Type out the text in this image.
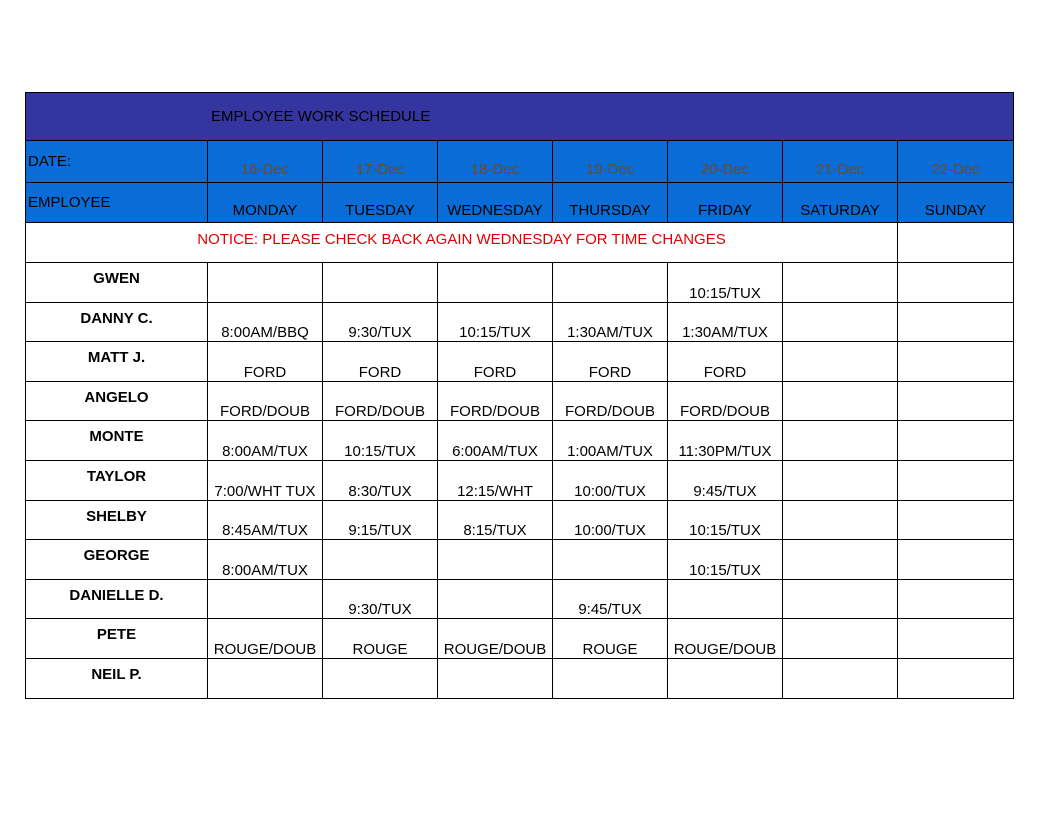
EMPLOYEE WORK SCHEDULE							
DATE:	16-Dec	17-Dec	18-Dec	19-Dec	20-Dec	21-Dec	22-Dec
EMPLOYEE	MONDAY	TUESDAY	WEDNESDAY	THURSDAY	FRIDAY	SATURDAY	SUNDAY
NOTICE: PLEASE CHECK BACK AGAIN WEDNESDAY FOR TIME CHANGES							
GWEN					10:15/TUX		
DANNY C.	8:00AM/BBQ	9:30/TUX	10:15/TUX	1:30AM/TUX	1:30AM/TUX		
MATT J.	FORD	FORD	FORD	FORD	FORD		
ANGELO	FORD/DOUB	FORD/DOUB	FORD/DOUB	FORD/DOUB	FORD/DOUB		
MONTE	8:00AM/TUX	10:15/TUX	6:00AM/TUX	1:00AM/TUX	11:30PM/TUX		
TAYLOR	7:00/WHT TUX	8:30/TUX	12:15/WHT	10:00/TUX	9:45/TUX		
SHELBY	8:45AM/TUX	9:15/TUX	8:15/TUX	10:00/TUX	10:15/TUX		
GEORGE	8:00AM/TUX				10:15/TUX		
DANIELLE D.		9:30/TUX		9:45/TUX			
PETE	ROUGE/DOUB	ROUGE	ROUGE/DOUB	ROUGE	ROUGE/DOUB		
NEIL P.							
